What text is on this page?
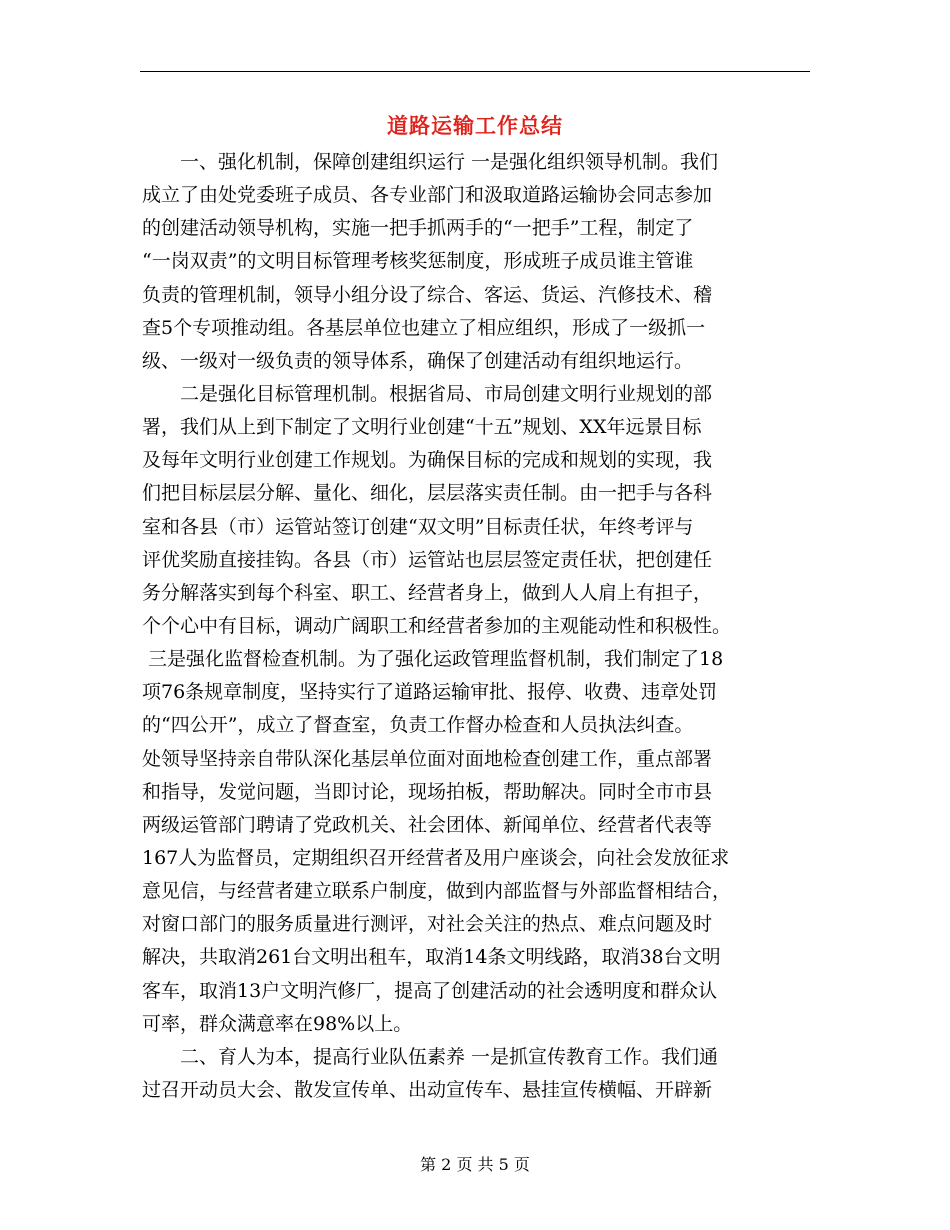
道路运输工作总结
　　一、强化机制，保障创建组织运行 一是强化组织领导机制。我们
成立了由处党委班子成员、各专业部门和汲取道路运输协会同志参加
的创建活动领导机构，实施一把手抓两手的“一把手”工程，制定了
“一岗双责”的文明目标管理考核奖惩制度，形成班子成员谁主管谁
负责的管理机制，领导小组分设了综合、客运、货运、汽修技术、稽
查5个专项推动组。各基层单位也建立了相应组织，形成了一级抓一
级、一级对一级负责的领导体系，确保了创建活动有组织地运行。
　　二是强化目标管理机制。根据省局、市局创建文明行业规划的部
署，我们从上到下制定了文明行业创建“十五”规划、XX年远景目标
及每年文明行业创建工作规划。为确保目标的完成和规划的实现，我
们把目标层层分解、量化、细化，层层落实责任制。由一把手与各科
室和各县（市）运管站签订创建“双文明”目标责任状，年终考评与
评优奖励直接挂钩。各县（市）运管站也层层签定责任状，把创建任
务分解落实到每个科室、职工、经营者身上，做到人人肩上有担子，
个个心中有目标，调动广阔职工和经营者参加的主观能动性和积极性。
三是强化监督检查机制。为了强化运政管理监督机制，我们制定了18
项76条规章制度，坚持实行了道路运输审批、报停、收费、违章处罚
的“四公开”，成立了督查室，负责工作督办检查和人员执法纠查。
处领导坚持亲自带队深化基层单位面对面地检查创建工作，重点部署
和指导，发觉问题，当即讨论，现场拍板，帮助解决。同时全市市县
两级运管部门聘请了党政机关、社会团体、新闻单位、经营者代表等
167人为监督员，定期组织召开经营者及用户座谈会，向社会发放征求
意见信，与经营者建立联系户制度，做到内部监督与外部监督相结合，
对窗口部门的服务质量进行测评，对社会关注的热点、难点问题及时
解决，共取消261台文明出租车，取消14条文明线路，取消38台文明
客车，取消13户文明汽修厂，提高了创建活动的社会透明度和群众认
可率，群众满意率在98%以上。
　　二、育人为本，提高行业队伍素养 一是抓宣传教育工作。我们通
过召开动员大会、散发宣传单、出动宣传车、悬挂宣传横幅、开辟新
第 2 页 共 5 页
